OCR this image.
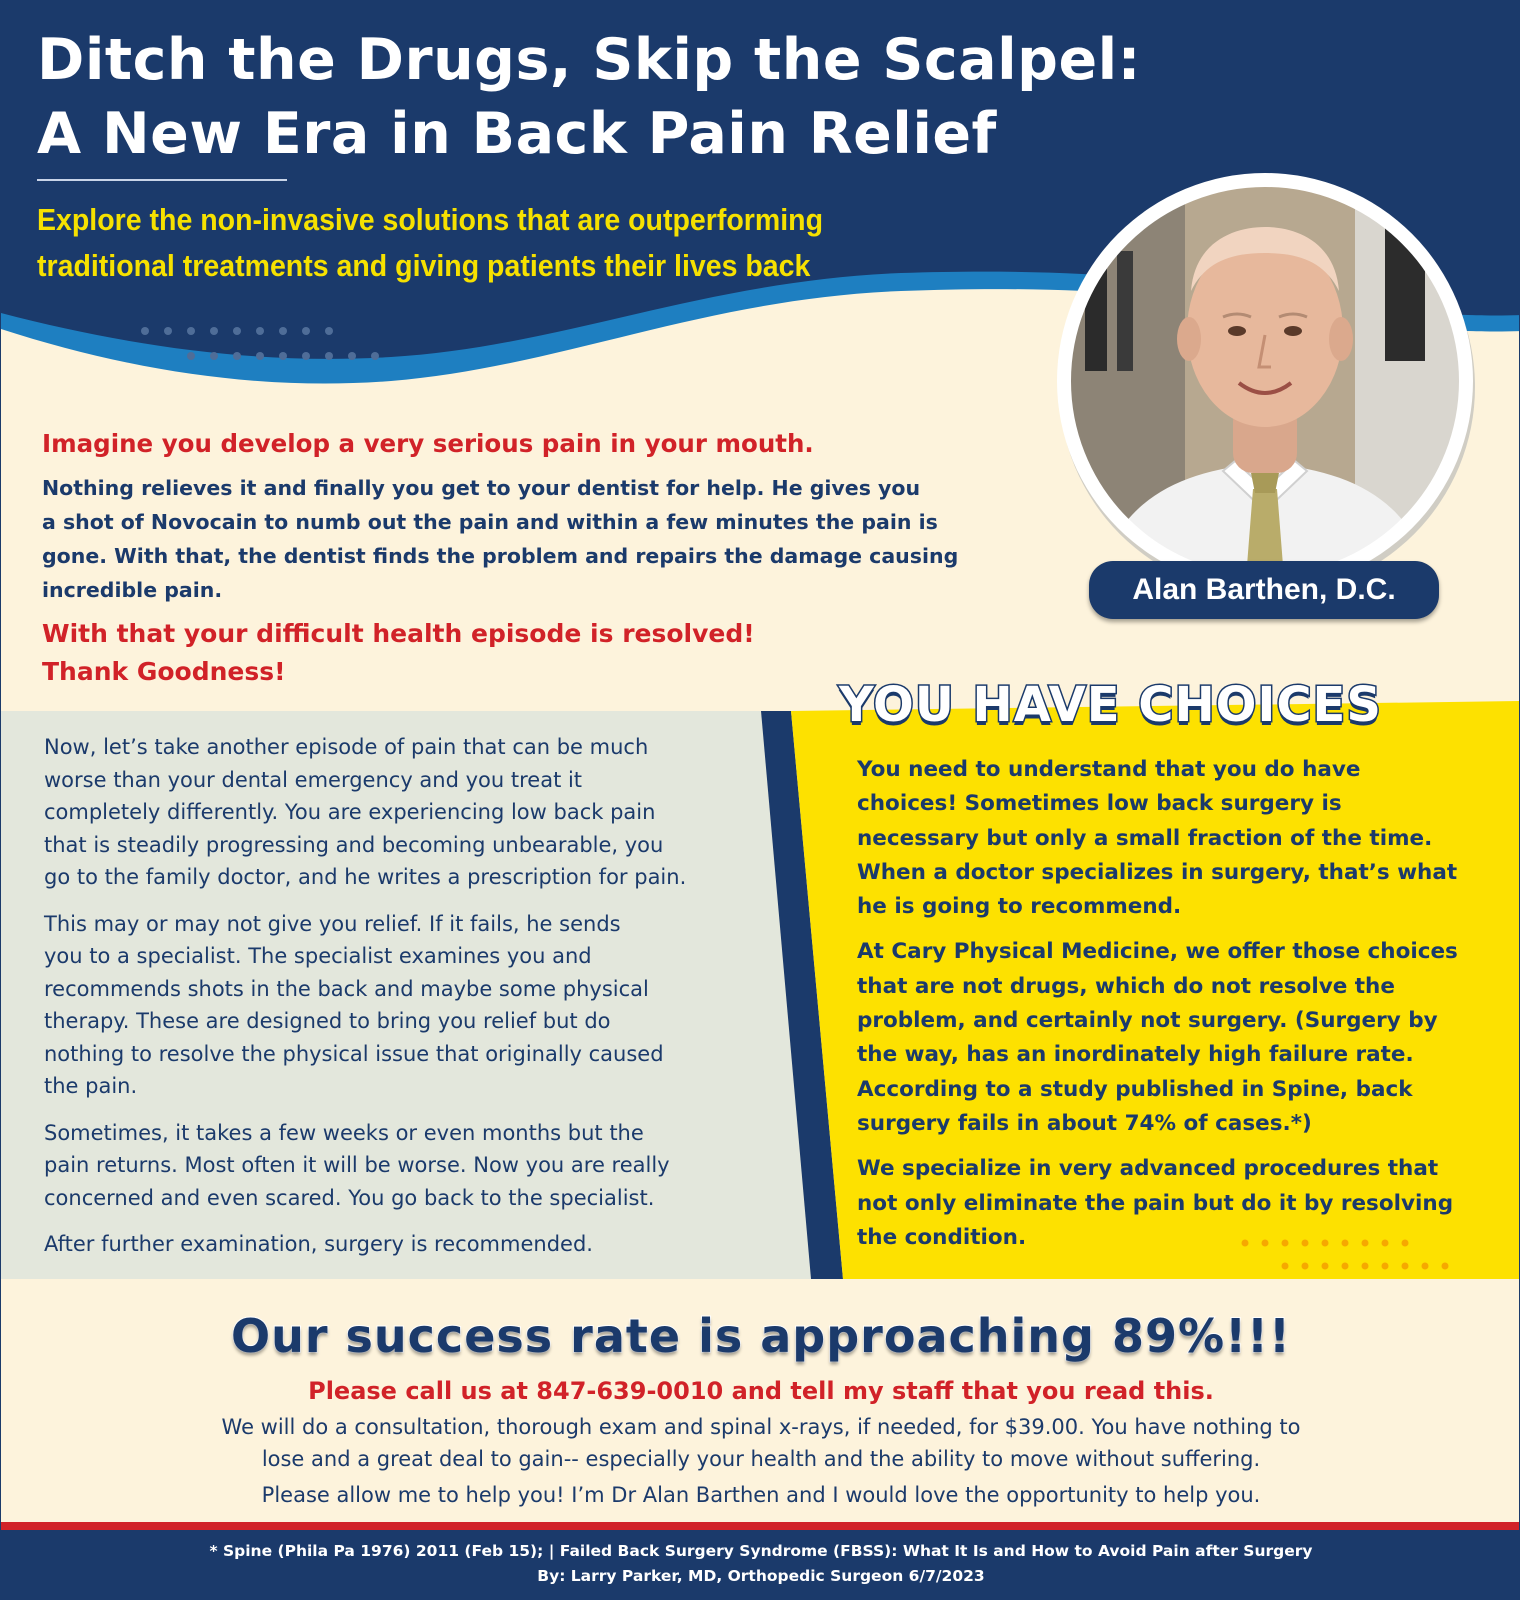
Ditch the Drugs, Skip the Scalpel:
A New Era in Back Pain Relief

Explore the non-invasive solutions that are outperforming
traditional treatments and giving patients their lives back

Alan Barthen, D.C.

Imagine you develop a very serious pain in your mouth.

Nothing relieves it and finally you get to your dentist for help. He gives you
a shot of Novocain to numb out the pain and within a few minutes the pain is
gone. With that, the dentist finds the problem and repairs the damage causing
incredible pain.

With that your difficult health episode is resolved!
Thank Goodness!

Now, let’s take another episode of pain that can be much
worse than your dental emergency and you treat it
completely differently. You are experiencing low back pain
that is steadily progressing and becoming unbearable, you
go to the family doctor, and he writes a prescription for pain.

This may or may not give you relief. If it fails, he sends
you to a specialist. The specialist examines you and
recommends shots in the back and maybe some physical
therapy. These are designed to bring you relief but do
nothing to resolve the physical issue that originally caused
the pain.

Sometimes, it takes a few weeks or even months but the
pain returns. Most often it will be worse. Now you are really
concerned and even scared. You go back to the specialist.

After further examination, surgery is recommended.

YOU HAVE CHOICES

You need to understand that you do have
choices! Sometimes low back surgery is
necessary but only a small fraction of the time.
When a doctor specializes in surgery, that’s what
he is going to recommend.

At Cary Physical Medicine, we offer those choices
that are not drugs, which do not resolve the
problem, and certainly not surgery. (Surgery by
the way, has an inordinately high failure rate.
According to a study published in Spine, back
surgery fails in about 74% of cases.*)

We specialize in very advanced procedures that
not only eliminate the pain but do it by resolving
the condition.

Our success rate is approaching 89%!!!

Please call us at 847-639-0010 and tell my staff that you read this.

We will do a consultation, thorough exam and spinal x-rays, if needed, for $39.00. You have nothing to
lose and a great deal to gain-- especially your health and the ability to move without suffering.

Please allow me to help you! I’m Dr Alan Barthen and I would love the opportunity to help you.

* Spine (Phila Pa 1976) 2011 (Feb 15); | Failed Back Surgery Syndrome (FBSS): What It Is and How to Avoid Pain after Surgery
By: Larry Parker, MD, Orthopedic Surgeon 6/7/2023
